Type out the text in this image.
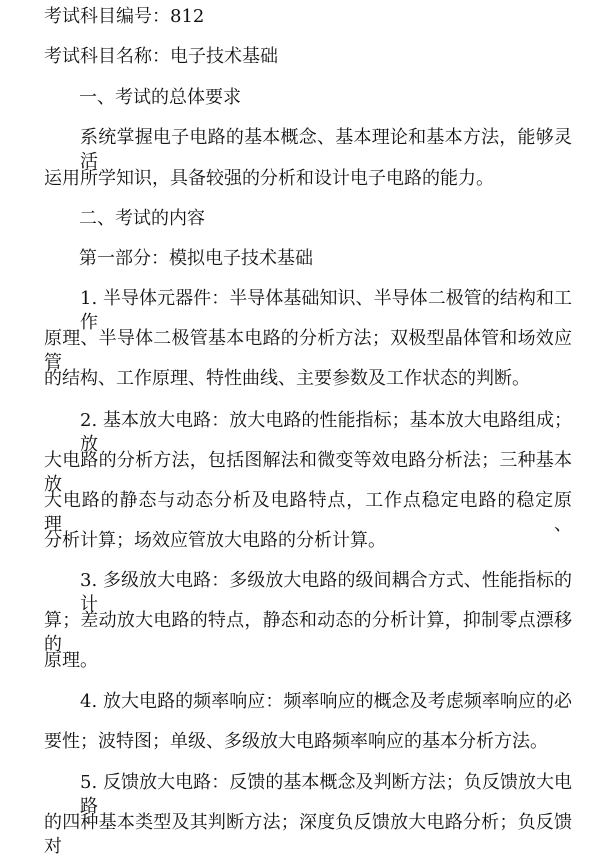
考试科目编号：812
考试科目名称：电子技术基础
一、考试的总体要求
系统掌握电子电路的基本概念、基本理论和基本方法，能够灵活
运用所学知识，具备较强的分析和设计电子电路的能力。
二、考试的内容
第一部分：模拟电子技术基础
1. 半导体元器件：半导体基础知识、半导体二极管的结构和工作
原理、半导体二极管基本电路的分析方法；双极型晶体管和场效应管
的结构、工作原理、特性曲线、主要参数及工作状态的判断。
2. 基本放大电路：放大电路的性能指标；基本放大电路组成；放
大电路的分析方法，包括图解法和微变等效电路分析法；三种基本放
大电路的静态与动态分析及电路特点，工作点稳定电路的稳定原理、
分析计算；场效应管放大电路的分析计算。
3. 多级放大电路：多级放大电路的级间耦合方式、性能指标的计
算；差动放大电路的特点，静态和动态的分析计算，抑制零点漂移的
原理。
4. 放大电路的频率响应：频率响应的概念及考虑频率响应的必
要性；波特图；单级、多级放大电路频率响应的基本分析方法。
5. 反馈放大电路：反馈的基本概念及判断方法；负反馈放大电路
的四种基本类型及其判断方法；深度负反馈放大电路分析；负反馈对
